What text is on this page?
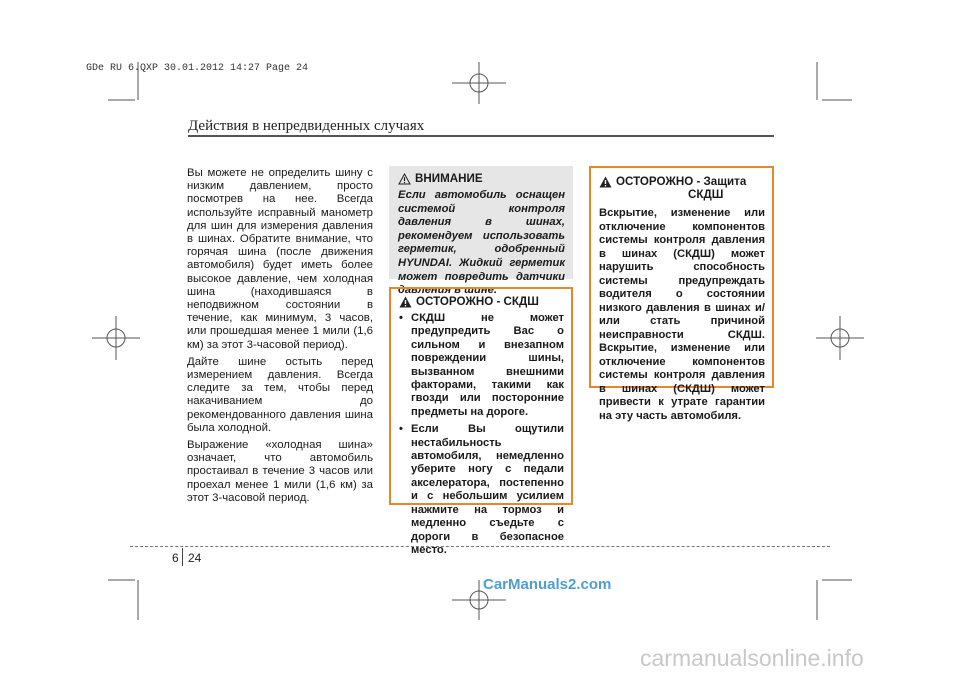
GDe RU 6.QXP 30.01.2012 14:27 Page 24
Действия в непредвиденных случаях

Вы можете не определить шину с низким давлением, просто посмотрев на нее. Всегда используйте исправный манометр для шин для измерения давления в шинах. Обратите внимание, что горячая шина (после движения автомобиля) будет иметь более высокое давление, чем холодная шина (находившаяся в неподвижном состоянии в течение, как минимум, 3 часов, или прошедшая менее 1 мили (1,6 км) за этот 3-часовой период).

Дайте шине остыть перед измерением давления. Всегда следите за тем, чтобы перед накачиванием до рекомендованного давления шина была холодной.

Выражение «холодная шина» означает, что автомобиль простаивал в течение 3 часов или проехал менее 1 мили (1,6 км) за этот 3-часовой период.

ВНИМАНИЕ
Если автомобиль оснащен системой контроля давления в шинах, рекомендуем использовать герметик, одобренный HYUNDAI. Жидкий герметик может повредить датчики давления в шине.
ОСТОРОЖНО - СКДШ
• СКДШ не может предупредить Вас о сильном и внезапном повреждении шины, вызванном внешними факторами, такими как гвозди или посторонние предметы на дороге.
• Если Вы ощутили нестабильность автомобиля, немедленно уберите ногу с педали акселератора, постепенно и с небольшим усилием нажмите на тормоз и медленно съедьте с дороги в безопасное место.
ОСТОРОЖНО - Защита
СКДШ
Вскрытие, изменение или отключение компонентов системы контроля давления в шинах (СКДШ) может нарушить способность системы предупреждать водителя о состоянии низкого давления в шинах и/или стать причиной неисправности СКДШ. Вскрытие, изменение или отключение компонентов системы контроля давления в шинах (СКДШ) может привести к утрате гарантии на эту часть автомобиля.
6 24
CarManuals2.com
carmanualsonline.info
